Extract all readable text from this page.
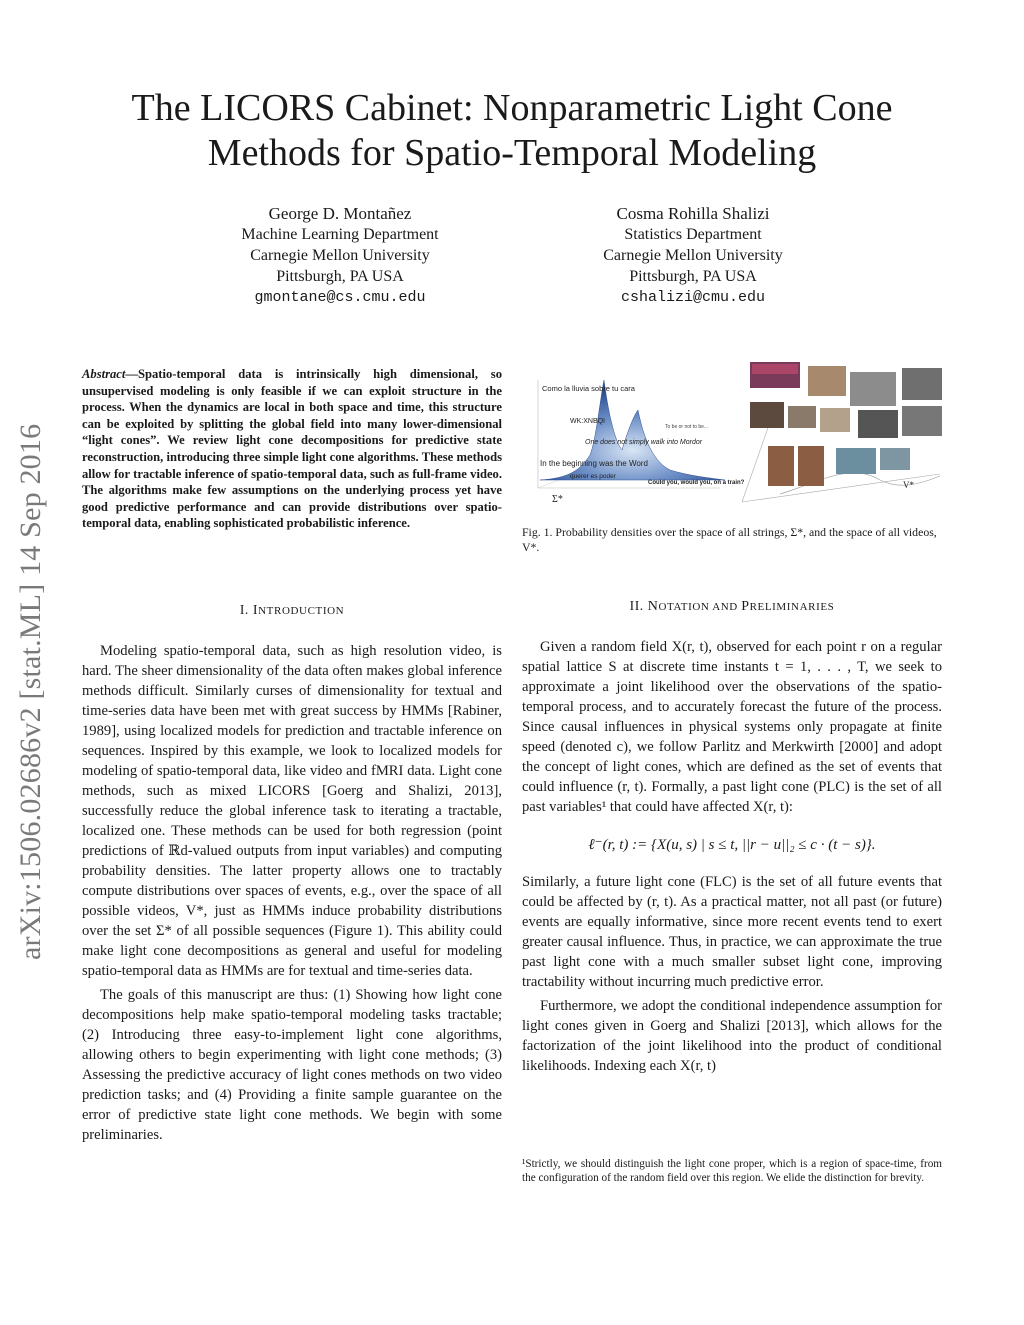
The LICORS Cabinet: Nonparametric Light Cone
Methods for Spatio-Temporal Modeling
George D. Montañez
Machine Learning Department
Carnegie Mellon University
Pittsburgh, PA USA
gmontane@cs.cmu.edu
Cosma Rohilla Shalizi
Statistics Department
Carnegie Mellon University
Pittsburgh, PA USA
cshalizi@cmu.edu
arXiv:1506.02686v2 [stat.ML] 14 Sep 2016
Abstract—Spatio-temporal data is intrinsically high dimensional, so unsupervised modeling is only feasible if we can exploit structure in the process. When the dynamics are local in both space and time, this structure can be exploited by splitting the global field into many lower-dimensional “light cones”. We review light cone decompositions for predictive state reconstruction, introducing three simple light cone algorithms. These methods allow for tractable inference of spatio-temporal data, such as full-frame video. The algorithms make few assumptions on the underlying process yet have good predictive performance and can provide distributions over spatio-temporal data, enabling sophisticated probabilistic inference.
Como la lluvia sobre tu cara
WK:XNBQI
One does not simply walk into Mordor
In the beginning was the Word
querer es poder
Could you, would you, on a train?
To be or not to be...
Σ*
V*
Fig. 1. Probability densities over the space of all strings, Σ*, and the space of all videos, V*.
I. INTRODUCTION	II. NOTATION AND PRELIMINARIES

Modeling spatio-temporal data, such as high resolution video, is hard. The sheer dimensionality of the data often makes global inference methods difficult. Similarly curses of dimensionality for textual and time-series data have been met with great success by HMMs [Rabiner, 1989], using localized models for prediction and tractable inference on sequences. Inspired by this example, we look to localized models for modeling of spatio-temporal data, like video and fMRI data. Light cone methods, such as mixed LICORS [Goerg and Shalizi, 2013], successfully reduce the global inference task to iterating a tractable, localized one. These methods can be used for both regression (point predictions of ℝd-valued outputs from input variables) and computing probability densities. The latter property allows one to tractably compute distributions over spaces of events, e.g., over the space of all possible videos, V*, just as HMMs induce probability distributions over the set Σ* of all possible sequences (Figure 1). This ability could make light cone decompositions as general and useful for modeling spatio-temporal data as HMMs are for textual and time-series data.

The goals of this manuscript are thus: (1) Showing how light cone decompositions help make spatio-temporal modeling tasks tractable; (2) Introducing three easy-to-implement light cone algorithms, allowing others to begin experimenting with light cone methods; (3) Assessing the predictive accuracy of light cones methods on two video prediction tasks; and (4) Providing a finite sample guarantee on the error of predictive state light cone methods. We begin with some preliminaries.

Given a random field X(r, t), observed for each point r on a regular spatial lattice S at discrete time instants t = 1, . . . , T, we seek to approximate a joint likelihood over the observations of the spatio-temporal process, and to accurately forecast the future of the process. Since causal influences in physical systems only propagate at finite speed (denoted c), we follow Parlitz and Merkwirth [2000] and adopt the concept of light cones, which are defined as the set of events that could influence (r, t). Formally, a past light cone (PLC) is the set of all past variables¹ that could have affected X(r, t):

ℓ⁻(r, t) := {X(u, s) | s ≤ t, ||r − u||₂ ≤ c · (t − s)}.

Similarly, a future light cone (FLC) is the set of all future events that could be affected by (r, t). As a practical matter, not all past (or future) events are equally informative, since more recent events tend to exert greater causal influence. Thus, in practice, we can approximate the true past light cone with a much smaller subset light cone, improving tractability without incurring much predictive error.

Furthermore, we adopt the conditional independence assumption for light cones given in Goerg and Shalizi [2013], which allows for the factorization of the joint likelihood into the product of conditional likelihoods. Indexing each X(r, t)

¹Strictly, we should distinguish the light cone proper, which is a region of space-time, from the configuration of the random field over this region. We elide the distinction for brevity.
